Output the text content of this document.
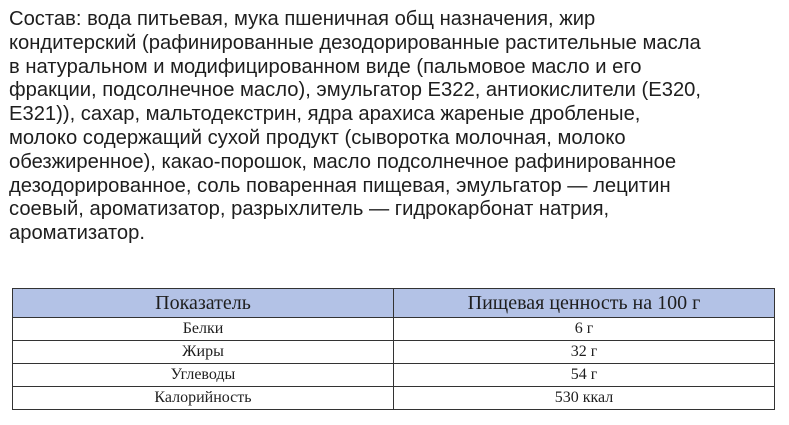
Состав: вода питьевая, мука пшеничная общ назначения, жир
кондитерский (рафинированные дезодорированные растительные масла
в натуральном и модифицированном виде (пальмовое масло и его
фракции, подсолнечное масло), эмульгатор Е322, антиокислители (Е320,
Е321)), сахар, мальтодекстрин, ядра арахиса жареные дробленые,
молоко содержащий сухой продукт (сыворотка молочная, молоко
обезжиренное), какао-порошок, масло подсолнечное рафинированное
дезодорированное, соль поваренная пищевая, эмульгатор — лецитин
соевый, ароматизатор, разрыхлитель — гидрокарбонат натрия,
ароматизатор.
Показатель	Пищевая ценность на 100 г
Белки	6 г
Жиры	32 г
Углеводы	54 г
Калорийность	530 ккал
